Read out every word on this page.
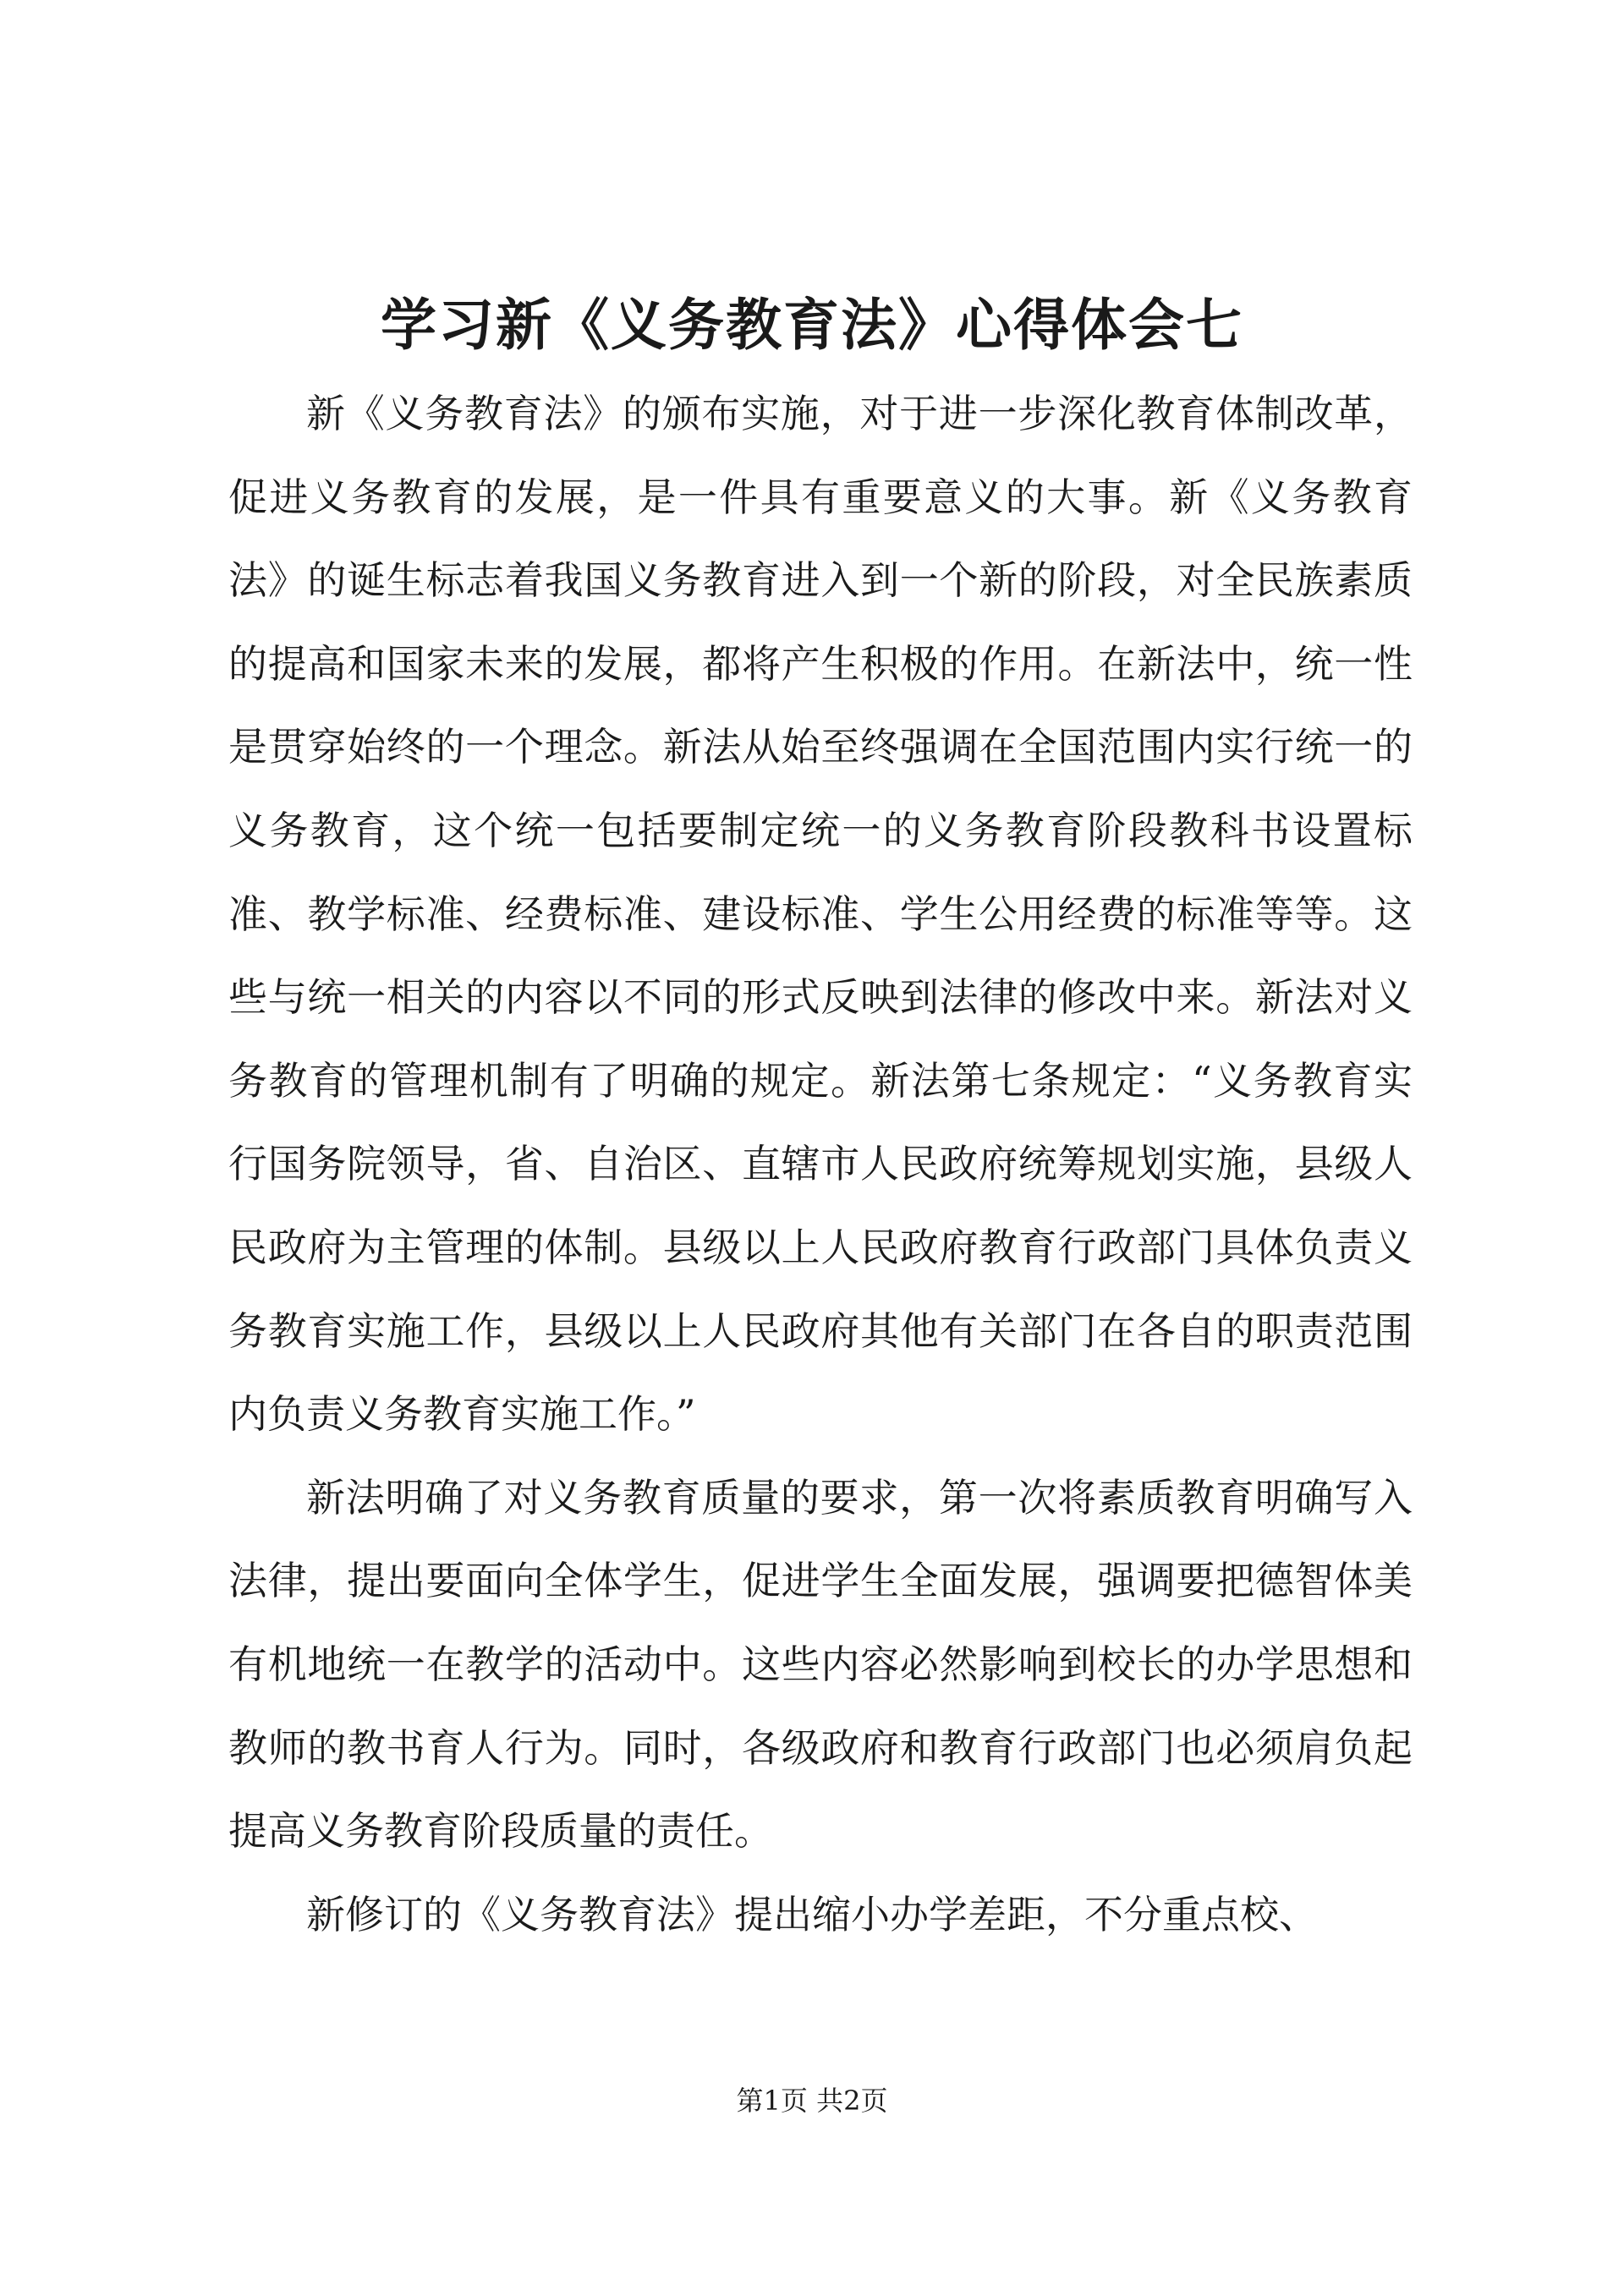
学习新《义务教育法》心得体会七

新《义务教育法》的颁布实施，对于进一步深化教育体制改革，促进义务教育的发展，是一件具有重要意义的大事。新《义务教育法》的诞生标志着我国义务教育进入到一个新的阶段，对全民族素质的提高和国家未来的发展，都将产生积极的作用。在新法中，统一性是贯穿始终的一个理念。新法从始至终强调在全国范围内实行统一的义务教育，这个统一包括要制定统一的义务教育阶段教科书设置标准、教学标准、经费标准、建设标准、学生公用经费的标准等等。这些与统一相关的内容以不同的形式反映到法律的修改中来。新法对义务教育的管理机制有了明确的规定。新法第七条规定：“义务教育实行国务院领导，省、自治区、直辖市人民政府统筹规划实施，县级人民政府为主管理的体制。县级以上人民政府教育行政部门具体负责义务教育实施工作，县级以上人民政府其他有关部门在各自的职责范围内负责义务教育实施工作。”

新法明确了对义务教育质量的要求，第一次将素质教育明确写入法律，提出要面向全体学生，促进学生全面发展，强调要把德智体美有机地统一在教学的活动中。这些内容必然影响到校长的办学思想和教师的教书育人行为。同时，各级政府和教育行政部门也必须肩负起提高义务教育阶段质量的责任。

新修订的《义务教育法》提出缩小办学差距，不分重点校、

第1页 共2页
